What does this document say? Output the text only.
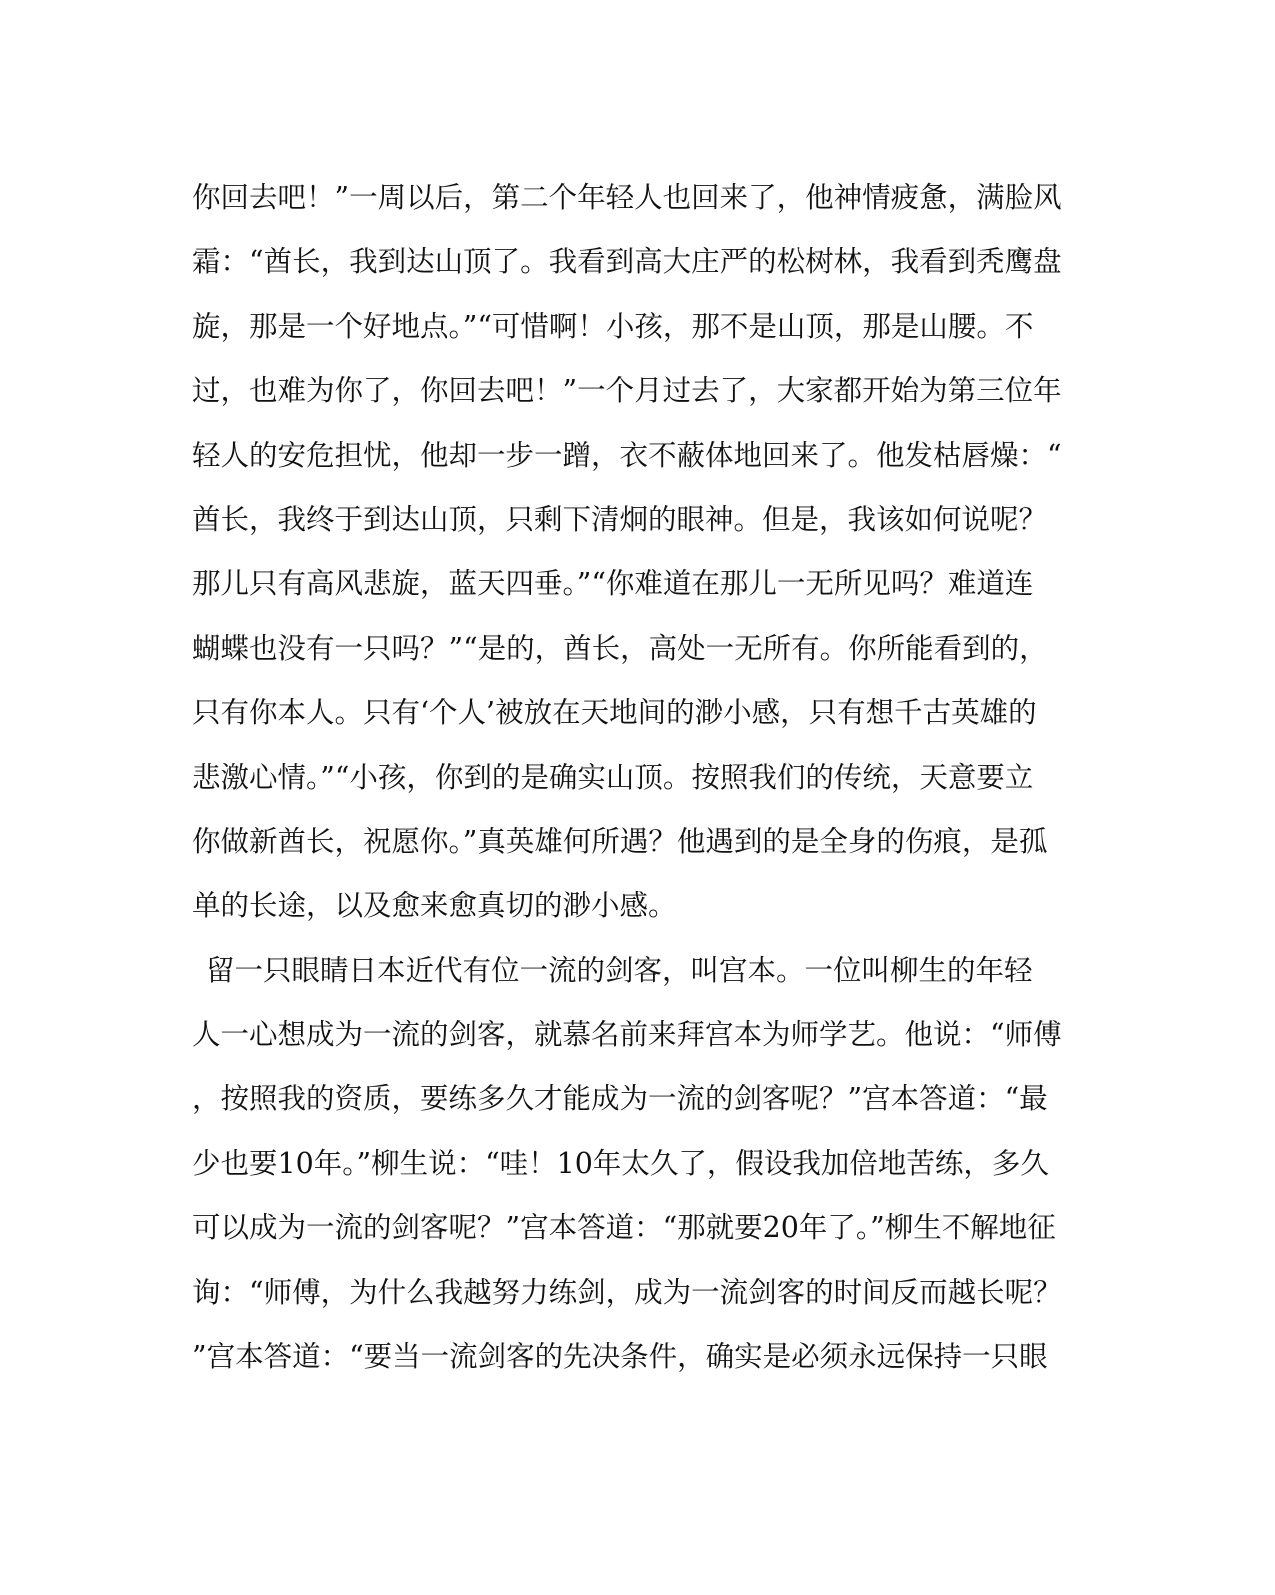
你回去吧！”一周以后，第二个年轻人也回来了，他神情疲惫，满脸风
霜：“酋长，我到达山顶了。我看到高大庄严的松树林，我看到秃鹰盘
旋，那是一个好地点。”“可惜啊！小孩，那不是山顶，那是山腰。不
过，也难为你了，你回去吧！”一个月过去了，大家都开始为第三位年
轻人的安危担忧，他却一步一蹭，衣不蔽体地回来了。他发枯唇燥：“
酋长，我终于到达山顶，只剩下清炯的眼神。但是，我该如何说呢？
那儿只有高风悲旋，蓝天四垂。”“你难道在那儿一无所见吗？难道连
蝴蝶也没有一只吗？”“是的，酋长，高处一无所有。你所能看到的，
只有你本人。只有‘个人’被放在天地间的渺小感，只有想千古英雄的
悲激心情。”“小孩，你到的是确实山顶。按照我们的传统，天意要立
你做新酋长，祝愿你。”真英雄何所遇？他遇到的是全身的伤痕，是孤
单的长途，以及愈来愈真切的渺小感。
留一只眼睛日本近代有位一流的剑客，叫宫本。一位叫柳生的年轻
人一心想成为一流的剑客，就慕名前来拜宫本为师学艺。他说：“师傅
，按照我的资质，要练多久才能成为一流的剑客呢？”宫本答道：“最
少也要10年。”柳生说：“哇！10年太久了，假设我加倍地苦练，多久
可以成为一流的剑客呢？”宫本答道：“那就要20年了。”柳生不解地征
询：“师傅，为什么我越努力练剑，成为一流剑客的时间反而越长呢？
”宫本答道：“要当一流剑客的先决条件，确实是必须永远保持一只眼
